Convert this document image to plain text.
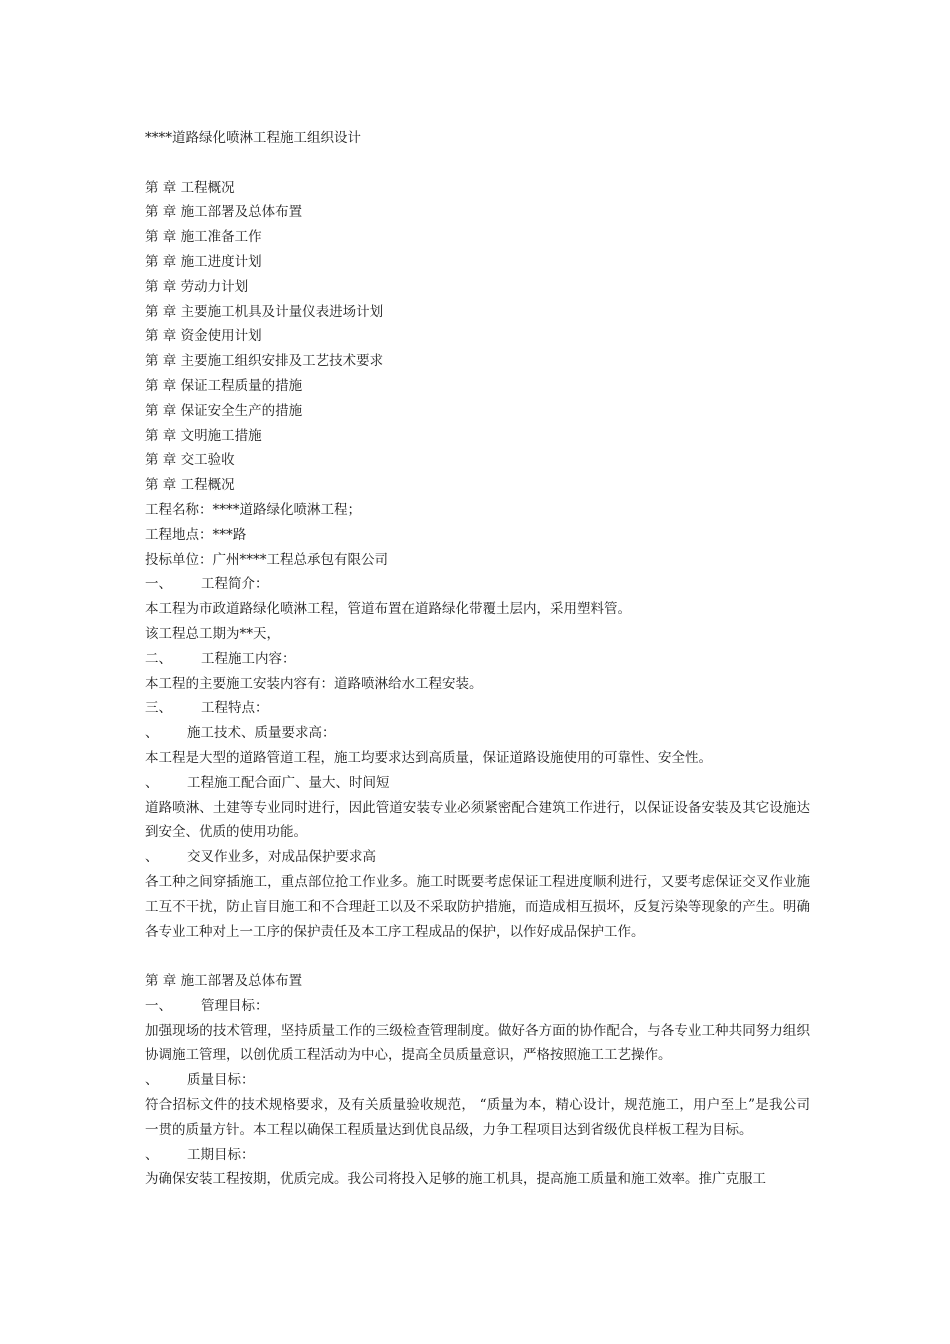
****道路绿化喷淋工程施工组织设计
第 章 工程概况
第 章 施工部署及总体布置
第 章 施工准备工作
第 章 施工进度计划
第 章 劳动力计划
第 章 主要施工机具及计量仪表进场计划
第 章 资金使用计划
第 章 主要施工组织安排及工艺技术要求
第 章 保证工程质量的措施
第 章 保证安全生产的措施
第 章 文明施工措施
第 章 交工验收
第 章 工程概况
工程名称：****道路绿化喷淋工程；
工程地点：***路
投标单位：广州****工程总承包有限公司
一、 工程简介：
本工程为市政道路绿化喷淋工程，管道布置在道路绿化带覆土层内，采用塑料管。
该工程总工期为**天，
二、 工程施工内容：
本工程的主要施工安装内容有：道路喷淋给水工程安装。
三、 工程特点：
、 施工技术、质量要求高：
本工程是大型的道路管道工程，施工均要求达到高质量，保证道路设施使用的可靠性、安全性。
、 工程施工配合面广、量大、时间短
道路喷淋、土建等专业同时进行，因此管道安装专业必须紧密配合建筑工作进行，以保证设备安装及其它设施达到安全、优质的使用功能。
、 交叉作业多，对成品保护要求高
各工种之间穿插施工，重点部位抢工作业多。施工时既要考虑保证工程进度顺利进行，又要考虑保证交叉作业施工互不干扰，防止盲目施工和不合理赶工以及不采取防护措施，而造成相互损坏，反复污染等现象的产生。明确各专业工种对上一工序的保护责任及本工序工程成品的保护，以作好成品保护工作。
第 章 施工部署及总体布置
一、 管理目标：
加强现场的技术管理，坚持质量工作的三级检查管理制度。做好各方面的协作配合，与各专业工种共同努力组织协调施工管理，以创优质工程活动为中心，提高全员质量意识，严格按照施工工艺操作。
、 质量目标：
符合招标文件的技术规格要求，及有关质量验收规范， “质量为本，精心设计，规范施工，用户至上”是我公司一贯的质量方针。本工程以确保工程质量达到优良品级，力争工程项目达到省级优良样板工程为目标。
、 工期目标：
为确保安装工程按期，优质完成。我公司将投入足够的施工机具，提高施工质量和施工效率。推广克服工
